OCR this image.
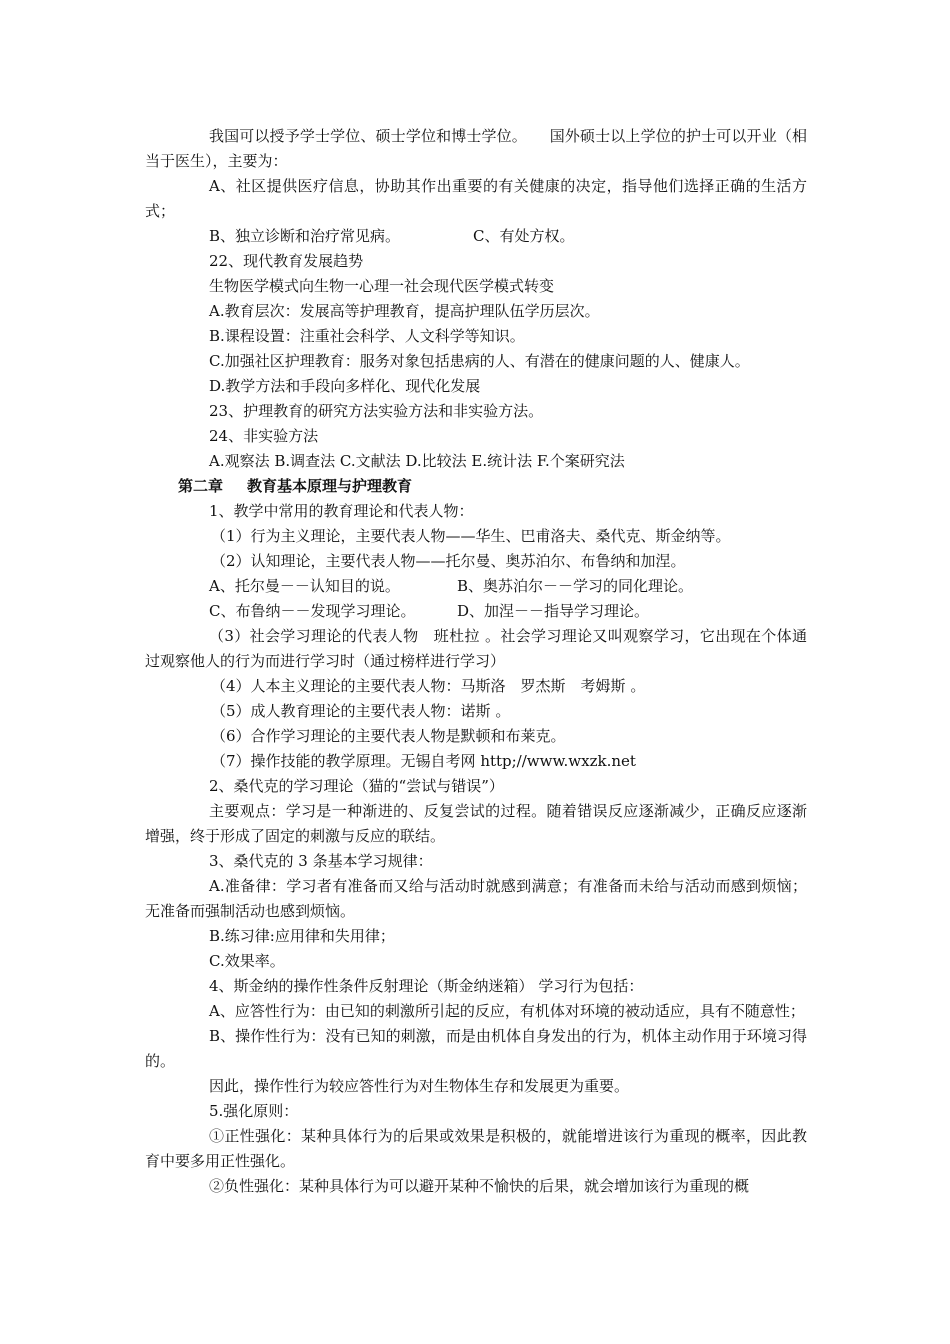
我国可以授予学士学位、硕士学位和博士学位。　　 国外硕士以上学位的护士可以开业（相当于医生），主要为：

A、社区提供医疗信息，协助其作出重要的有关健康的决定，指导他们选择正确的生活方式；

B、独立诊断和治疗常见病。	C、有处方权。

22、现代教育发展趋势

生物医学模式向生物一心理一社会现代医学模式转变

A.教育层次：发展高等护理教育，提高护理队伍学历层次。

B.课程设置：注重社会科学、人文科学等知识。

C.加强社区护理教育：服务对象包括患病的人、有潜在的健康问题的人、健康人。

D.教学方法和手段向多样化、现代化发展

23、护理教育的研究方法实验方法和非实验方法。

24、非实验方法

A.观察法 B.调查法 C.文献法 D.比较法 E.统计法 F.个案研究法

第二章 教育基本原理与护理教育

1、教学中常用的教育理论和代表人物：

（1）行为主义理论，主要代表人物——华生、巴甫洛夫、桑代克、斯金纳等。

（2）认知理论，主要代表人物——托尔曼、奥苏泊尔、布鲁纳和加涅。

A、托尔曼－－认知目的说。	B、奥苏泊尔－－学习的同化理论。

C、布鲁纳－－发现学习理论。	D、加涅－－指导学习理论。

（3）社会学习理论的代表人物　班杜拉 。社会学习理论又叫观察学习，它出现在个体通过观察他人的行为而进行学习时（通过榜样进行学习）

（4）人本主义理论的主要代表人物：马斯洛　罗杰斯　考姆斯 。

（5）成人教育理论的主要代表人物：诺斯 。

（6）合作学习理论的主要代表人物是默顿和布莱克。

（7）操作技能的教学原理。无锡自考网 http;//www.wxzk.net

2、桑代克的学习理论（猫的“尝试与错误”）

主要观点：学习是一种渐进的、反复尝试的过程。随着错误反应逐渐减少，正确反应逐渐增强，终于形成了固定的刺激与反应的联结。

3、桑代克的 3 条基本学习规律：

A.准备律：学习者有准备而又给与活动时就感到满意；有准备而未给与活动而感到烦恼；无准备而强制活动也感到烦恼。

B.练习律:应用律和失用律；

C.效果率。

4、斯金纳的操作性条件反射理论（斯金纳迷箱） 学习行为包括：

A、应答性行为：由已知的刺激所引起的反应，有机体对环境的被动适应，具有不随意性；

B、操作性行为：没有已知的刺激，而是由机体自身发出的行为，机体主动作用于环境习得的。

因此，操作性行为较应答性行为对生物体生存和发展更为重要。

5.强化原则：

①正性强化：某种具体行为的后果或效果是积极的，就能增进该行为重现的概率，因此教育中要多用正性强化。

②负性强化：某种具体行为可以避开某种不愉快的后果，就会增加该行为重现的概
